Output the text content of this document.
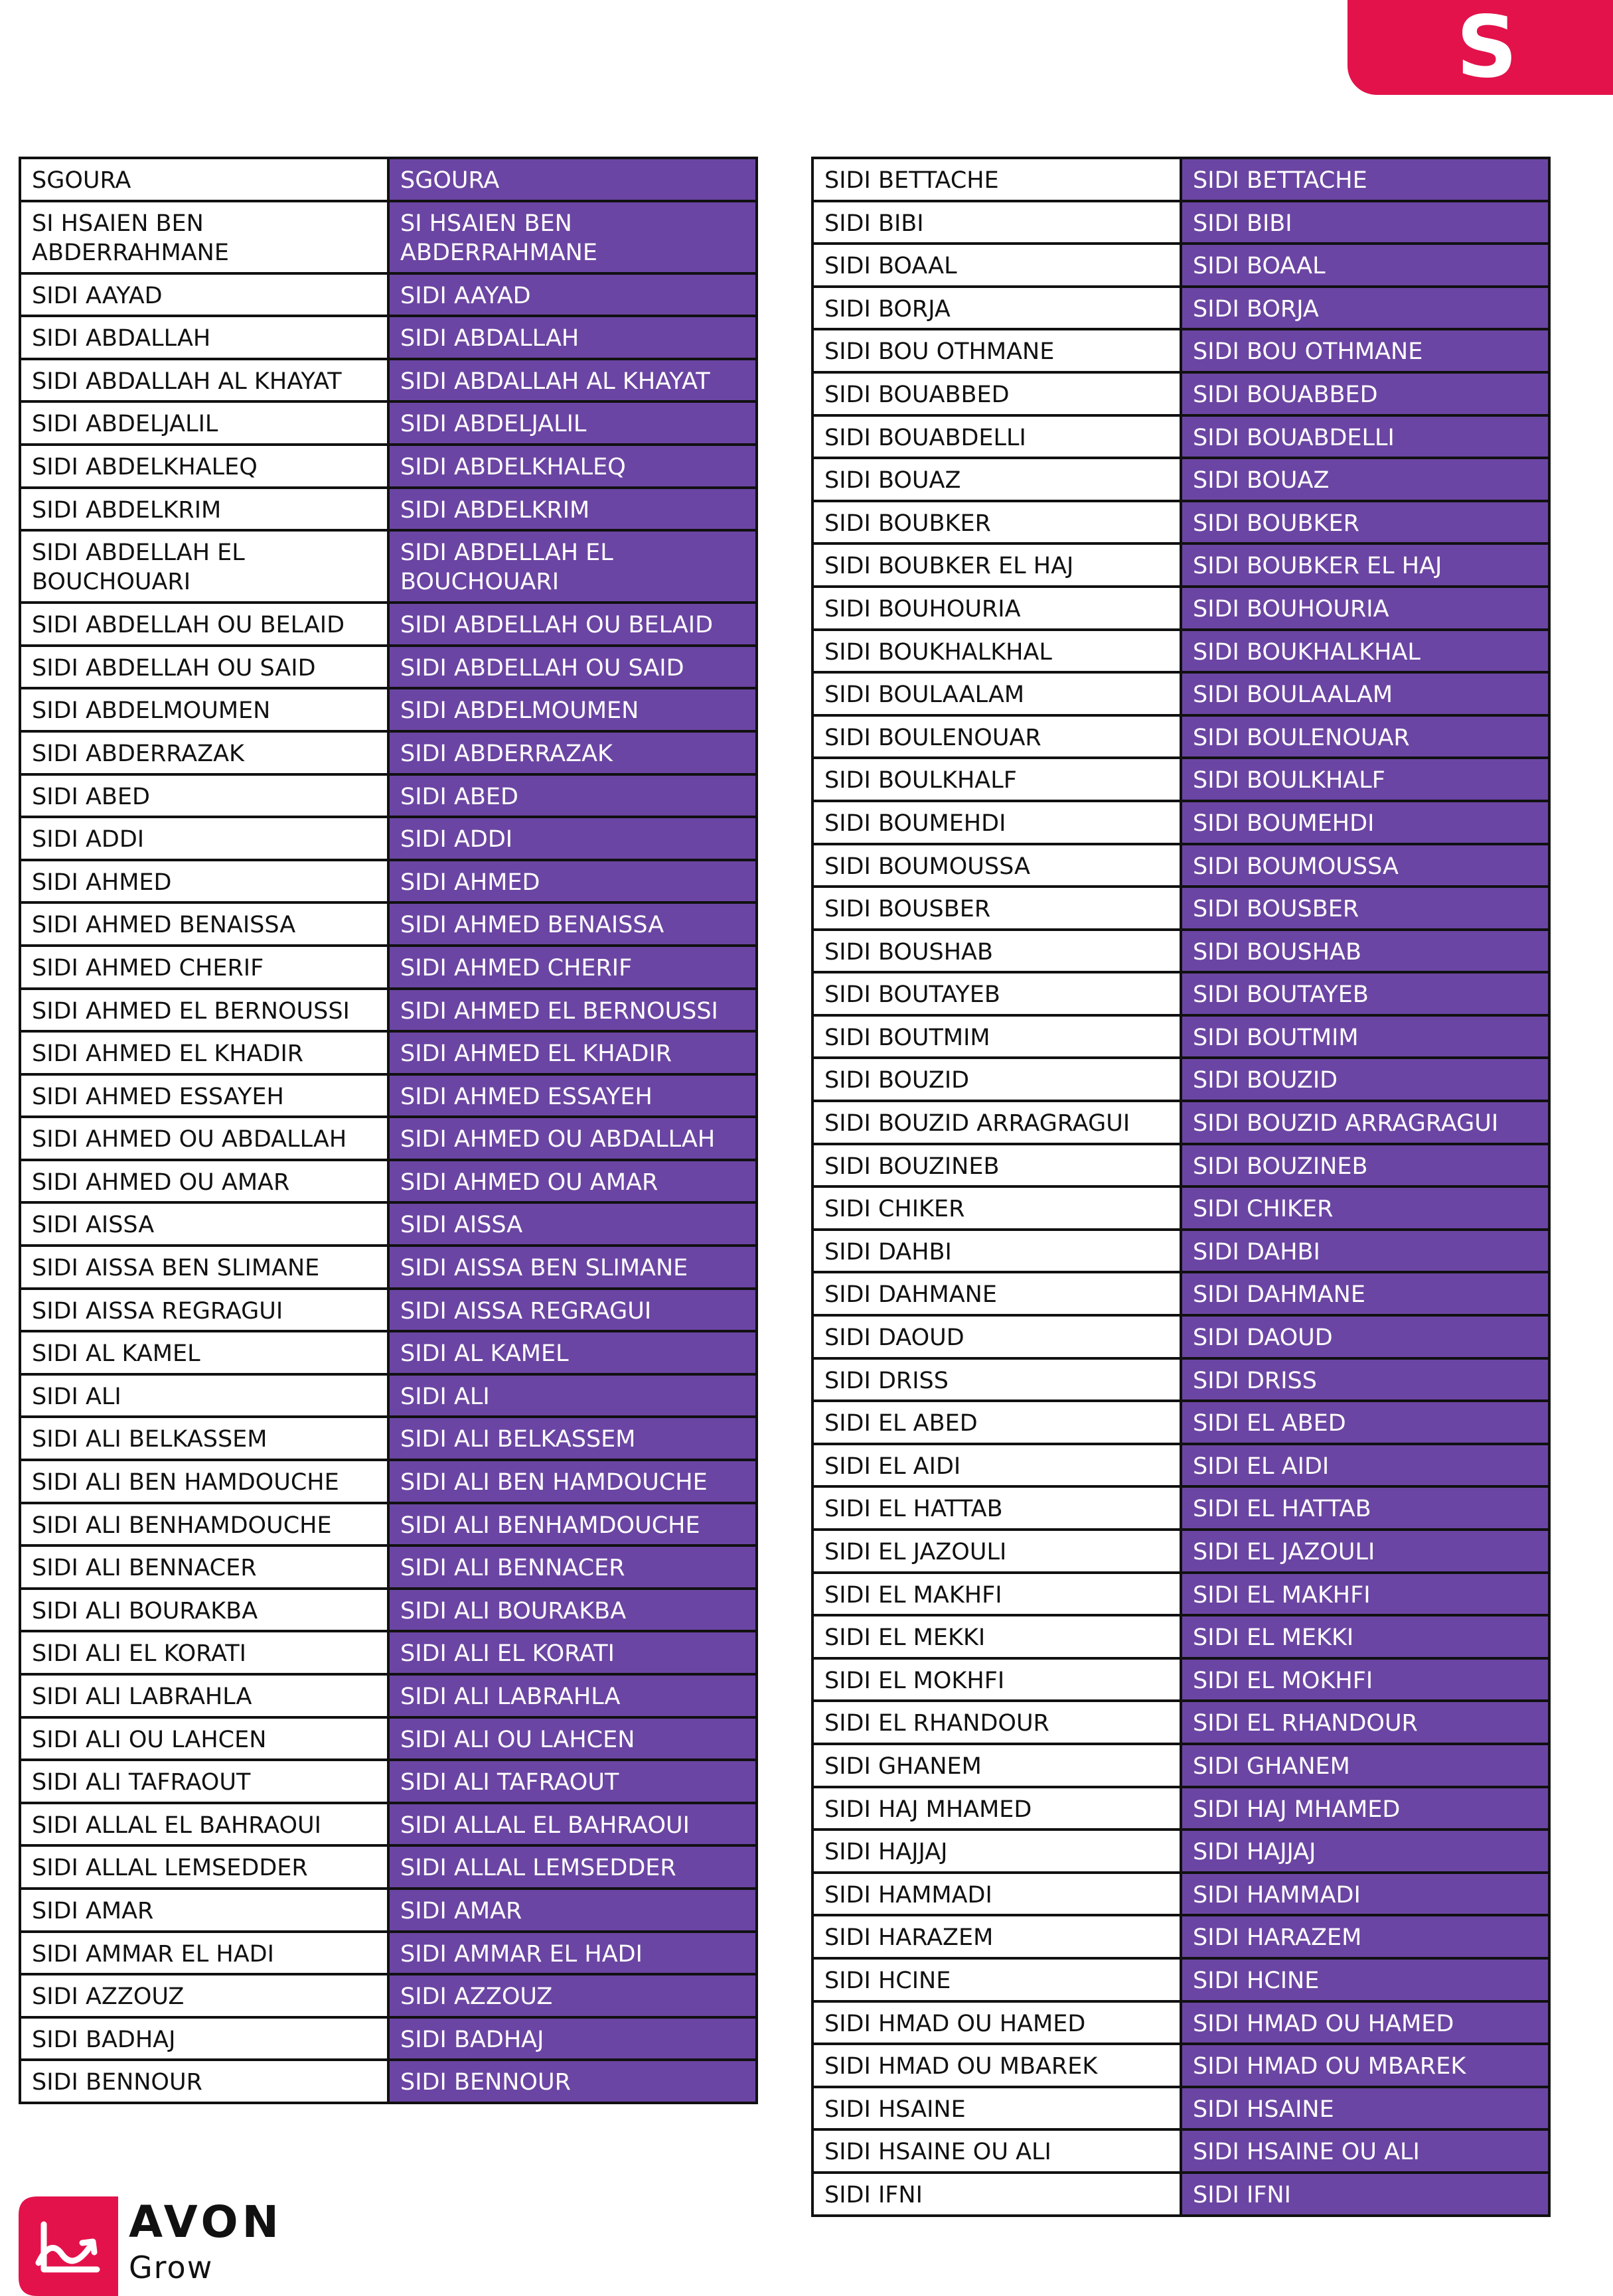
S
SGOURA	SGOURA
SI HSAIEN BEN ABDERRAHMANE	SI HSAIEN BEN ABDERRAHMANE
SIDI AAYAD	SIDI AAYAD
SIDI ABDALLAH	SIDI ABDALLAH
SIDI ABDALLAH AL KHAYAT	SIDI ABDALLAH AL KHAYAT
SIDI ABDELJALIL	SIDI ABDELJALIL
SIDI ABDELKHALEQ	SIDI ABDELKHALEQ
SIDI ABDELKRIM	SIDI ABDELKRIM
SIDI ABDELLAH EL BOUCHOUARI	SIDI ABDELLAH EL BOUCHOUARI
SIDI ABDELLAH OU BELAID	SIDI ABDELLAH OU BELAID
SIDI ABDELLAH OU SAID	SIDI ABDELLAH OU SAID
SIDI ABDELMOUMEN	SIDI ABDELMOUMEN
SIDI ABDERRAZAK	SIDI ABDERRAZAK
SIDI ABED	SIDI ABED
SIDI ADDI	SIDI ADDI
SIDI AHMED	SIDI AHMED
SIDI AHMED BENAISSA	SIDI AHMED BENAISSA
SIDI AHMED CHERIF	SIDI AHMED CHERIF
SIDI AHMED EL BERNOUSSI	SIDI AHMED EL BERNOUSSI
SIDI AHMED EL KHADIR	SIDI AHMED EL KHADIR
SIDI AHMED ESSAYEH	SIDI AHMED ESSAYEH
SIDI AHMED OU ABDALLAH	SIDI AHMED OU ABDALLAH
SIDI AHMED OU AMAR	SIDI AHMED OU AMAR
SIDI AISSA	SIDI AISSA
SIDI AISSA BEN SLIMANE	SIDI AISSA BEN SLIMANE
SIDI AISSA REGRAGUI	SIDI AISSA REGRAGUI
SIDI AL KAMEL	SIDI AL KAMEL
SIDI ALI	SIDI ALI
SIDI ALI BELKASSEM	SIDI ALI BELKASSEM
SIDI ALI BEN HAMDOUCHE	SIDI ALI BEN HAMDOUCHE
SIDI ALI BENHAMDOUCHE	SIDI ALI BENHAMDOUCHE
SIDI ALI BENNACER	SIDI ALI BENNACER
SIDI ALI BOURAKBA	SIDI ALI BOURAKBA
SIDI ALI EL KORATI	SIDI ALI EL KORATI
SIDI ALI LABRAHLA	SIDI ALI LABRAHLA
SIDI ALI OU LAHCEN	SIDI ALI OU LAHCEN
SIDI ALI TAFRAOUT	SIDI ALI TAFRAOUT
SIDI ALLAL EL BAHRAOUI	SIDI ALLAL EL BAHRAOUI
SIDI ALLAL LEMSEDDER	SIDI ALLAL LEMSEDDER
SIDI AMAR	SIDI AMAR
SIDI AMMAR EL HADI	SIDI AMMAR EL HADI
SIDI AZZOUZ	SIDI AZZOUZ
SIDI BADHAJ	SIDI BADHAJ
SIDI BENNOUR	SIDI BENNOUR
SIDI BETTACHE	SIDI BETTACHE
SIDI BIBI	SIDI BIBI
SIDI BOAAL	SIDI BOAAL
SIDI BORJA	SIDI BORJA
SIDI BOU OTHMANE	SIDI BOU OTHMANE
SIDI BOUABBED	SIDI BOUABBED
SIDI BOUABDELLI	SIDI BOUABDELLI
SIDI BOUAZ	SIDI BOUAZ
SIDI BOUBKER	SIDI BOUBKER
SIDI BOUBKER EL HAJ	SIDI BOUBKER EL HAJ
SIDI BOUHOURIA	SIDI BOUHOURIA
SIDI BOUKHALKHAL	SIDI BOUKHALKHAL
SIDI BOULAALAM	SIDI BOULAALAM
SIDI BOULENOUAR	SIDI BOULENOUAR
SIDI BOULKHALF	SIDI BOULKHALF
SIDI BOUMEHDI	SIDI BOUMEHDI
SIDI BOUMOUSSA	SIDI BOUMOUSSA
SIDI BOUSBER	SIDI BOUSBER
SIDI BOUSHAB	SIDI BOUSHAB
SIDI BOUTAYEB	SIDI BOUTAYEB
SIDI BOUTMIM	SIDI BOUTMIM
SIDI BOUZID	SIDI BOUZID
SIDI BOUZID ARRAGRAGUI	SIDI BOUZID ARRAGRAGUI
SIDI BOUZINEB	SIDI BOUZINEB
SIDI CHIKER	SIDI CHIKER
SIDI DAHBI	SIDI DAHBI
SIDI DAHMANE	SIDI DAHMANE
SIDI DAOUD	SIDI DAOUD
SIDI DRISS	SIDI DRISS
SIDI EL ABED	SIDI EL ABED
SIDI EL AIDI	SIDI EL AIDI
SIDI EL HATTAB	SIDI EL HATTAB
SIDI EL JAZOULI	SIDI EL JAZOULI
SIDI EL MAKHFI	SIDI EL MAKHFI
SIDI EL MEKKI	SIDI EL MEKKI
SIDI EL MOKHFI	SIDI EL MOKHFI
SIDI EL RHANDOUR	SIDI EL RHANDOUR
SIDI GHANEM	SIDI GHANEM
SIDI HAJ MHAMED	SIDI HAJ MHAMED
SIDI HAJJAJ	SIDI HAJJAJ
SIDI HAMMADI	SIDI HAMMADI
SIDI HARAZEM	SIDI HARAZEM
SIDI HCINE	SIDI HCINE
SIDI HMAD OU HAMED	SIDI HMAD OU HAMED
SIDI HMAD OU MBAREK	SIDI HMAD OU MBAREK
SIDI HSAINE	SIDI HSAINE
SIDI HSAINE OU ALI	SIDI HSAINE OU ALI
SIDI IFNI	SIDI IFNI
AVON
Grow
